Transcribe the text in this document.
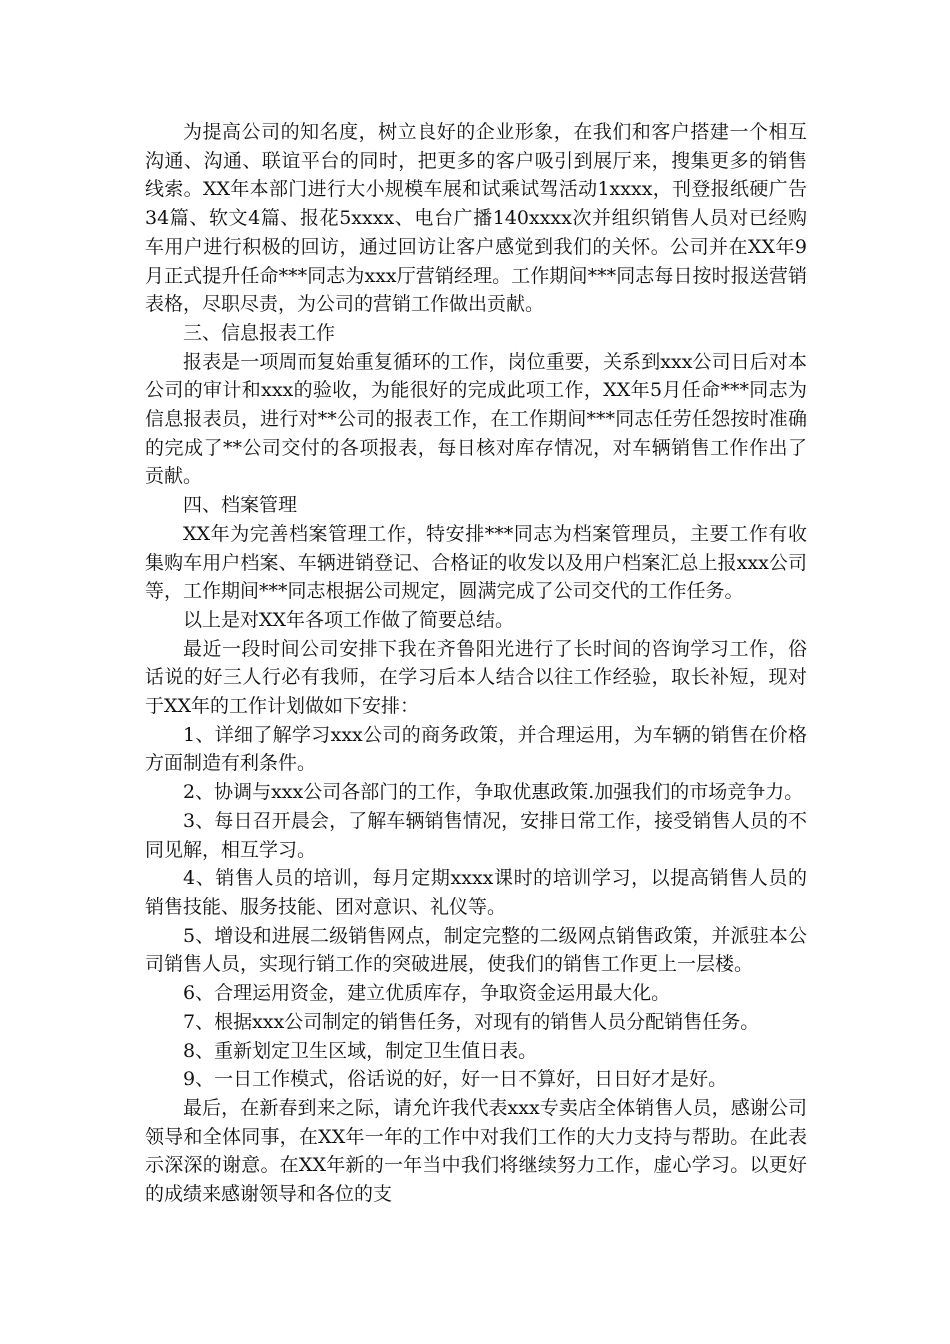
为提高公司的知名度，树立良好的企业形象，在我们和客户搭建一个相互沟通、沟通、联谊平台的同时，把更多的客户吸引到展厅来，搜集更多的销售线索。XX年本部门进行大小规模车展和试乘试驾活动1xxxx，刊登报纸硬广告34篇、软文4篇、报花5xxxx、电台广播140xxxx次并组织销售人员对已经购车用户进行积极的回访，通过回访让客户感觉到我们的关怀。公司并在XX年9月正式提升任命***同志为xxx厅营销经理。工作期间***同志每日按时报送营销表格，尽职尽责，为公司的营销工作做出贡献。

三、信息报表工作

报表是一项周而复始重复循环的工作，岗位重要，关系到xxx公司日后对本公司的审计和xxx的验收，为能很好的完成此项工作，XX年5月任命***同志为信息报表员，进行对**公司的报表工作，在工作期间***同志任劳任怨按时准确的完成了**公司交付的各项报表，每日核对库存情况，对车辆销售工作作出了贡献。

四、档案管理

XX年为完善档案管理工作，特安排***同志为档案管理员，主要工作有收集购车用户档案、车辆进销登记、合格证的收发以及用户档案汇总上报xxx公司等，工作期间***同志根据公司规定，圆满完成了公司交代的工作任务。

以上是对XX年各项工作做了简要总结。

最近一段时间公司安排下我在齐鲁阳光进行了长时间的咨询学习工作，俗话说的好三人行必有我师，在学习后本人结合以往工作经验，取长补短，现对于XX年的工作计划做如下安排：

1、详细了解学习xxx公司的商务政策，并合理运用，为车辆的销售在价格方面制造有利条件。

2、协调与xxx公司各部门的工作，争取优惠政策.加强我们的市场竞争力。

3、每日召开晨会，了解车辆销售情况，安排日常工作，接受销售人员的不同见解，相互学习。

4、销售人员的培训，每月定期xxxx课时的培训学习，以提高销售人员的销售技能、服务技能、团对意识、礼仪等。

5、增设和进展二级销售网点，制定完整的二级网点销售政策，并派驻本公司销售人员，实现行销工作的突破进展，使我们的销售工作更上一层楼。

6、合理运用资金，建立优质库存，争取资金运用最大化。

7、根据xxx公司制定的销售任务，对现有的销售人员分配销售任务。

8、重新划定卫生区域，制定卫生值日表。

9、一日工作模式，俗话说的好，好一日不算好，日日好才是好。

最后，在新春到来之际，请允许我代表xxx专卖店全体销售人员，感谢公司领导和全体同事，在XX年一年的工作中对我们工作的大力支持与帮助。在此表示深深的谢意。在XX年新的一年当中我们将继续努力工作，虚心学习。以更好的成绩来感谢领导和各位的支
